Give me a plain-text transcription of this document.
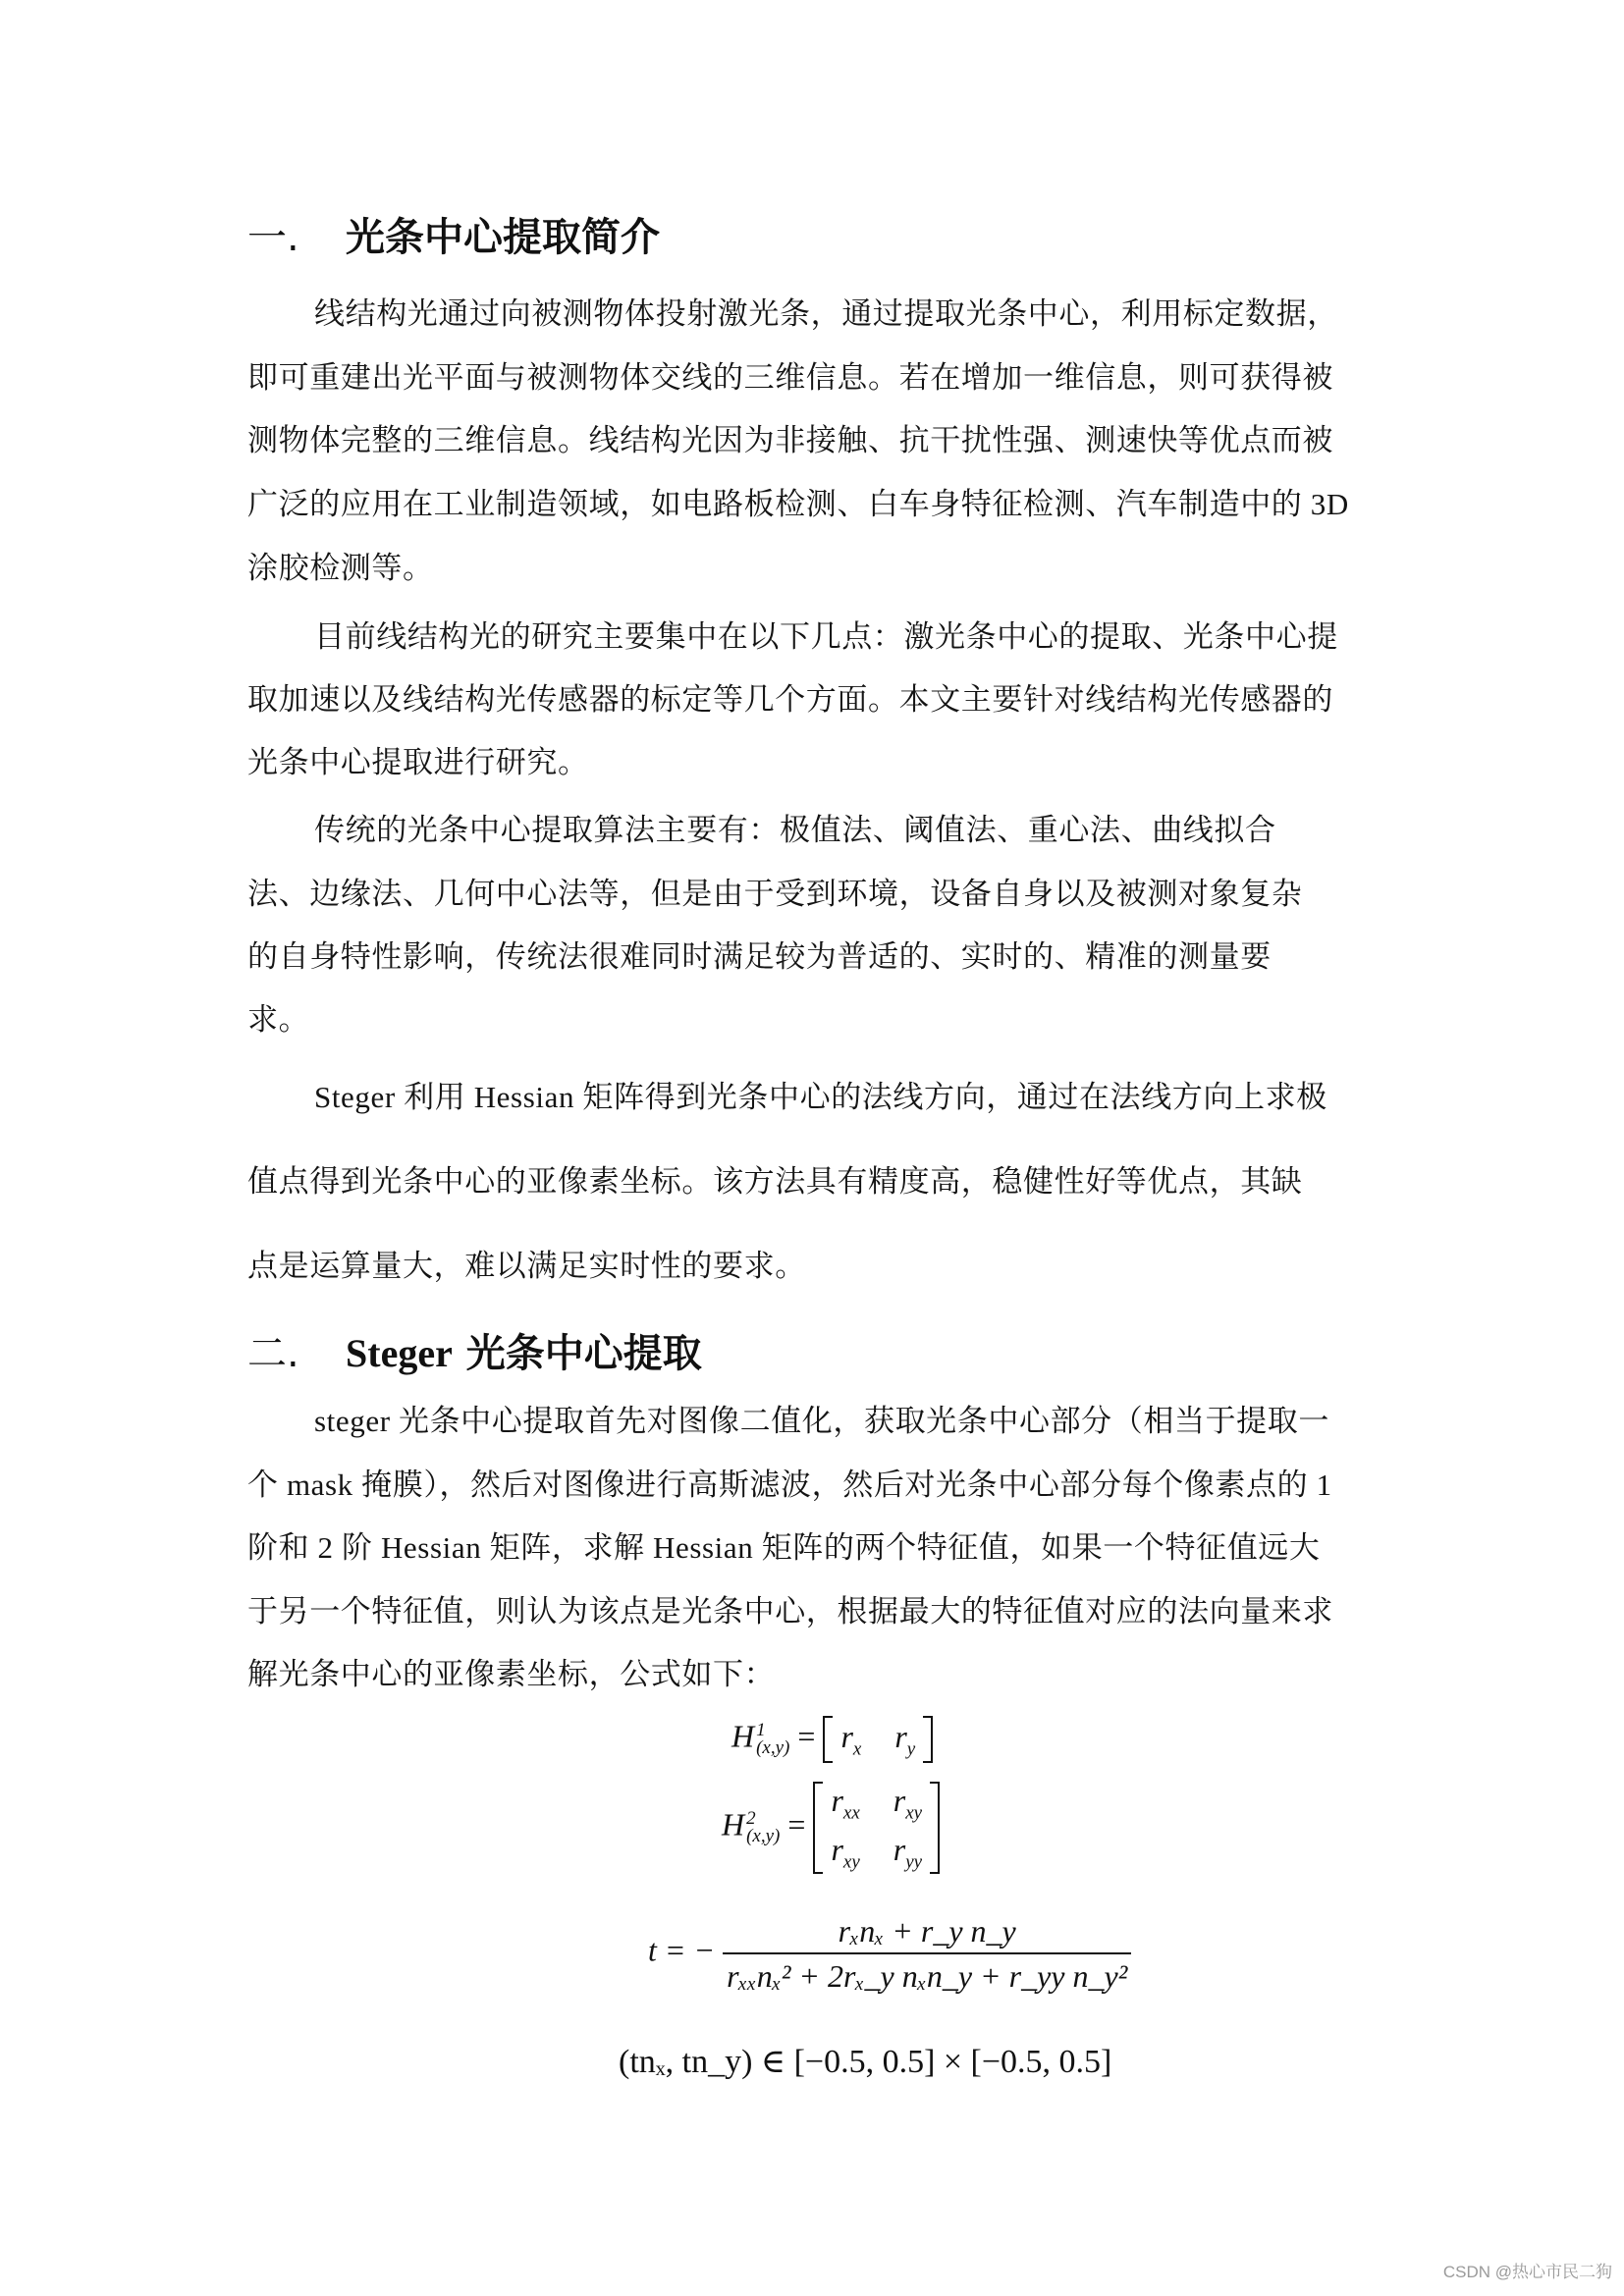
一. 光条中心提取简介
线结构光通过向被测物体投射激光条，通过提取光条中心，利用标定数据，
即可重建出光平面与被测物体交线的三维信息。若在增加一维信息，则可获得被
测物体完整的三维信息。线结构光因为非接触、抗干扰性强、测速快等优点而被
广泛的应用在工业制造领域，如电路板检测、白车身特征检测、汽车制造中的 3D
涂胶检测等。
目前线结构光的研究主要集中在以下几点：激光条中心的提取、光条中心提
取加速以及线结构光传感器的标定等几个方面。本文主要针对线结构光传感器的
光条中心提取进行研究。
传统的光条中心提取算法主要有：极值法、阈值法、重心法、曲线拟合
法、边缘法、几何中心法等，但是由于受到环境，设备自身以及被测对象复杂
的自身特性影响，传统法很难同时满足较为普适的、实时的、精准的测量要
求。
Steger 利用 Hessian 矩阵得到光条中心的法线方向，通过在法线方向上求极
值点得到光条中心的亚像素坐标。该方法具有精度高，稳健性好等优点，其缺
点是运算量大，难以满足实时性的要求。
二. Steger 光条中心提取
steger 光条中心提取首先对图像二值化，获取光条中心部分（相当于提取一
个 mask 掩膜），然后对图像进行高斯滤波，然后对光条中心部分每个像素点的 1
阶和 2 阶 Hessian 矩阵，求解 Hessian 矩阵的两个特征值，如果一个特征值远大
于另一个特征值，则认为该点是光条中心，根据最大的特征值对应的法向量来求
解光条中心的亚像素坐标，公式如下：
H 1
$(x,y) = r_x$ $r_y$
H 2
(x,y) =
$r_{xx}$ $r_{xy}$
$r_{xy}$ $r_{yy}$
t = − $\frac{\text{rₓnₓ + r\_y n\_y}}{\text{rₓₓnₓ² + 2rₓ\_y nₓn\_y + r\_yy n\_y²}}$
(tnₓ, tn_y) ∈ [−0.5, 0.5] × [−0.5, 0.5]
CSDN @热心市民二狗
